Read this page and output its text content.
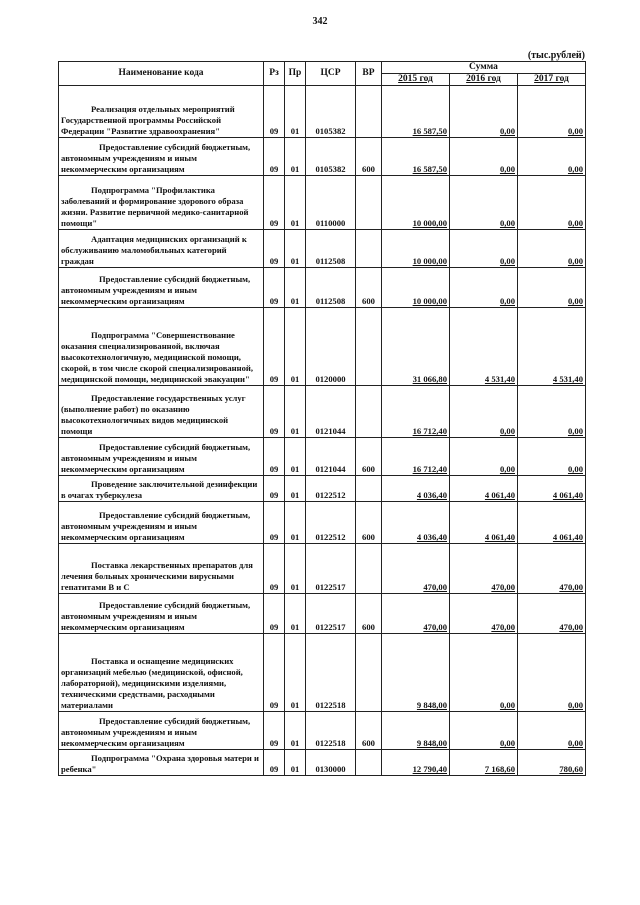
342
(тыс.рублей)
Наименование кода	Рз	Пр	ЦСР	ВР	Сумма		
					2015 год	2016 год	2017 год
Реализация отдельных мероприятий Государственной программы Российской Федерации "Развитие здравоохранения"	09	01	0105382		16 587,50	0,00	0,00
Предоставление субсидий бюджетным, автономным учреждениям и иным некоммерческим организациям	09	01	0105382	600	16 587,50	0,00	0,00
Подпрограмма "Профилактика заболеваний и формирование здорового образа жизни. Развитие первичной медико-санитарной помощи"	09	01	0110000		10 000,00	0,00	0,00
Адаптация медицинских организаций к обслуживанию маломобильных категорий граждан	09	01	0112508		10 000,00	0,00	0,00
Предоставление субсидий бюджетным, автономным учреждениям и иным некоммерческим организациям	09	01	0112508	600	10 000,00	0,00	0,00
Подпрограмма "Совершенствование оказания специализированной, включая высокотехнологичную, медицинской помощи, скорой, в том числе скорой специализированной, медицинской помощи, медицинской эвакуации"	09	01	0120000		31 066,80	4 531,40	4 531,40
Предоставление государственных услуг (выполнение работ) по оказанию высокотехнологичных видов медицинской помощи	09	01	0121044		16 712,40	0,00	0,00
Предоставление субсидий бюджетным, автономным учреждениям и иным некоммерческим организациям	09	01	0121044	600	16 712,40	0,00	0,00
Проведение заключительной дезинфекции в очагах туберкулеза	09	01	0122512		4 036,40	4 061,40	4 061,40
Предоставление субсидий бюджетным, автономным учреждениям и иным некоммерческим организациям	09	01	0122512	600	4 036,40	4 061,40	4 061,40
Поставка лекарственных препаратов для лечения больных хроническими вирусными гепатитами В и С	09	01	0122517		470,00	470,00	470,00
Предоставление субсидий бюджетным, автономным учреждениям и иным некоммерческим организациям	09	01	0122517	600	470,00	470,00	470,00
Поставка и оснащение медицинских организаций мебелью (медицинской, офисной, лабораторной), медицинскими изделиями, техническими средствами, расходными материалами	09	01	0122518		9 848,00	0,00	0,00
Предоставление субсидий бюджетным, автономным учреждениям и иным некоммерческим организациям	09	01	0122518	600	9 848,00	0,00	0,00
Подпрограмма "Охрана здоровья матери и ребенка"	09	01	0130000		12 790,40	7 168,60	780,60
